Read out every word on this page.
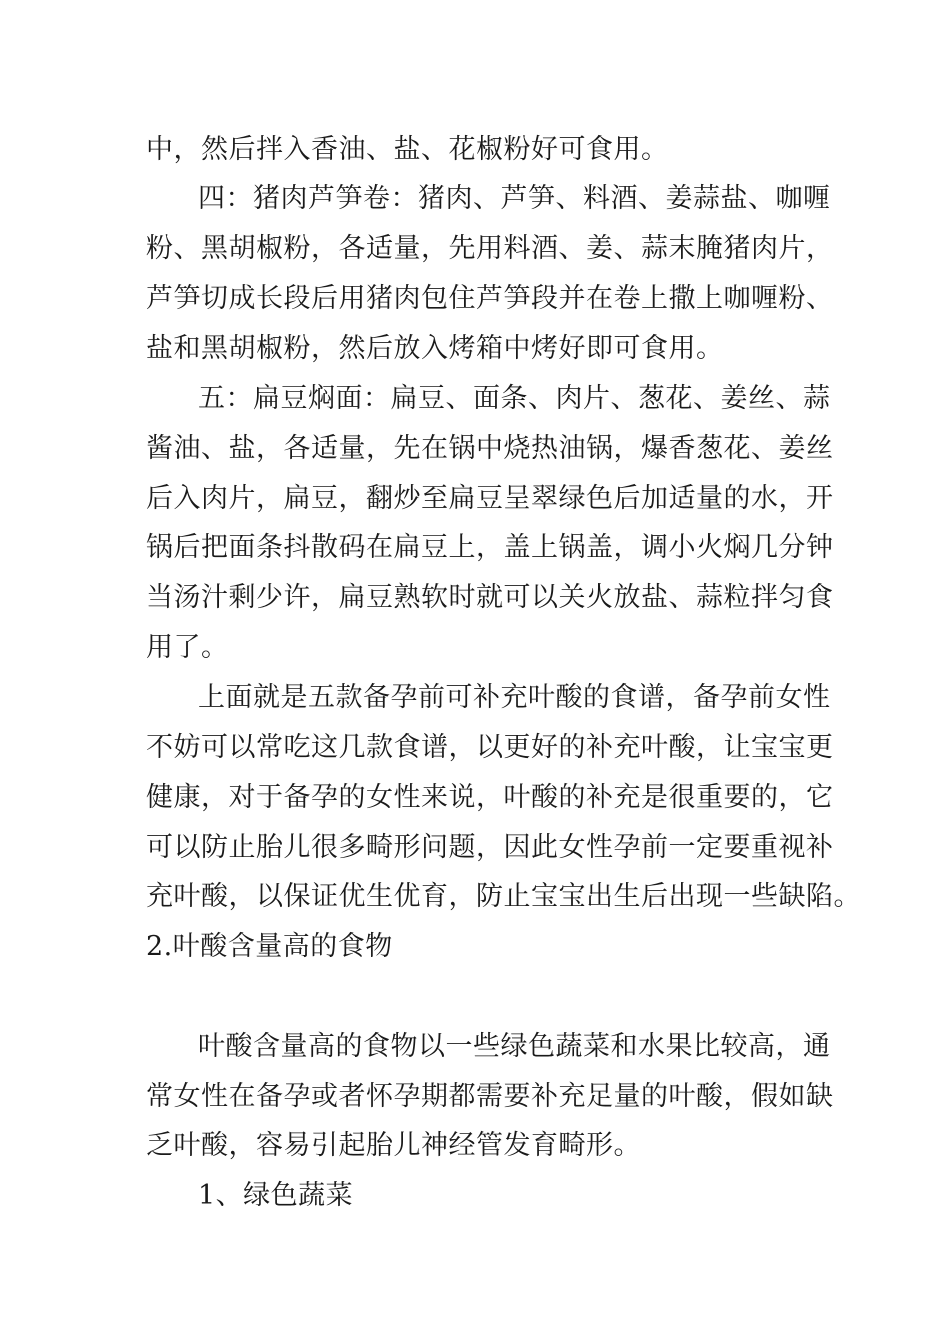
中，然后拌入香油、盐、花椒粉好可食用。
四：猪肉芦笋卷：猪肉、芦笋、料酒、姜蒜盐、咖喱
粉、黑胡椒粉，各适量，先用料酒、姜、蒜末腌猪肉片，
芦笋切成长段后用猪肉包住芦笋段并在卷上撒上咖喱粉、
盐和黑胡椒粉，然后放入烤箱中烤好即可食用。
五：扁豆焖面：扁豆、面条、肉片、葱花、姜丝、蒜
酱油、盐，各适量，先在锅中烧热油锅，爆香葱花、姜丝
后入肉片，扁豆，翻炒至扁豆呈翠绿色后加适量的水，开
锅后把面条抖散码在扁豆上，盖上锅盖，调小火焖几分钟
当汤汁剩少许，扁豆熟软时就可以关火放盐、蒜粒拌匀食
用了。
上面就是五款备孕前可补充叶酸的食谱，备孕前女性
不妨可以常吃这几款食谱，以更好的补充叶酸，让宝宝更
健康，对于备孕的女性来说，叶酸的补充是很重要的，它
可以防止胎儿很多畸形问题，因此女性孕前一定要重视补
充叶酸，以保证优生优育，防止宝宝出生后出现一些缺陷。
2.叶酸含量高的食物
叶酸含量高的食物以一些绿色蔬菜和水果比较高，通
常女性在备孕或者怀孕期都需要补充足量的叶酸，假如缺
乏叶酸，容易引起胎儿神经管发育畸形。
1、绿色蔬菜
